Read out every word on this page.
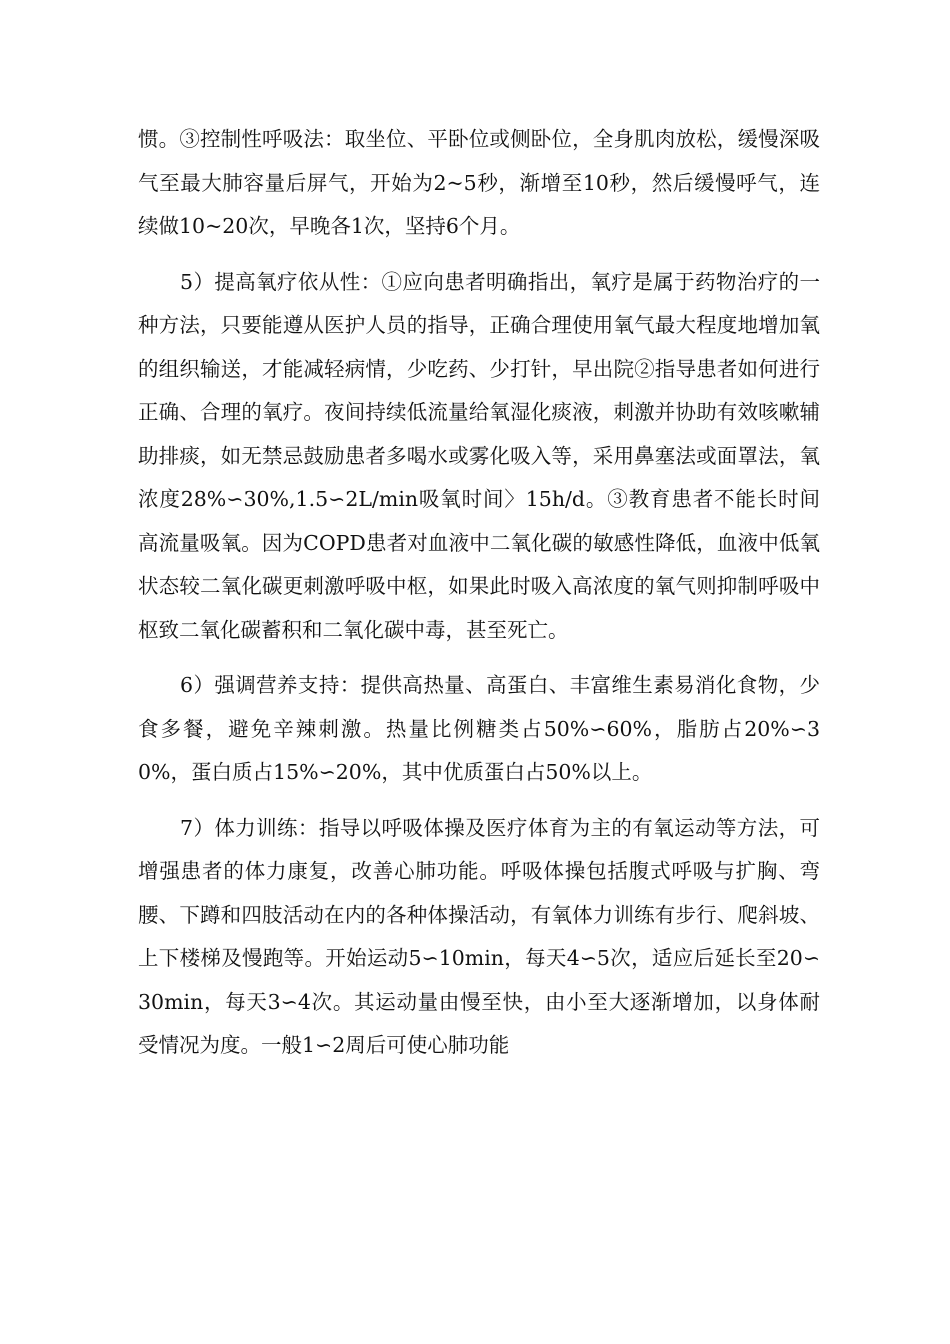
惯。③控制性呼吸法：取坐位、平卧位或侧卧位，全身肌肉放松，缓慢深吸气至最大肺容量后屏气，开始为2~5秒，渐增至10秒，然后缓慢呼气，连续做10~20次，早晚各1次，坚持6个月。

5）提高氧疗依从性：①应向患者明确指出，氧疗是属于药物治疗的一种方法，只要能遵从医护人员的指导，正确合理使用氧气最大程度地增加氧的组织输送，才能减轻病情，少吃药、少打针，早出院②指导患者如何进行正确、合理的氧疗。夜间持续低流量给氧湿化痰液，刺激并协助有效咳嗽辅助排痰，如无禁忌鼓励患者多喝水或雾化吸入等，采用鼻塞法或面罩法，氧浓度28%∽30%,1.5∽2L/min吸氧时间〉15h/d。③教育患者不能长时间高流量吸氧。因为COPD患者对血液中二氧化碳的敏感性降低，血液中低氧状态较二氧化碳更刺激呼吸中枢，如果此时吸入高浓度的氧气则抑制呼吸中枢致二氧化碳蓄积和二氧化碳中毒，甚至死亡。

6）强调营养支持：提供高热量、高蛋白、丰富维生素易消化食物，少食多餐，避免辛辣刺激。热量比例糖类占50%∽60%，脂肪占20%∽30%，蛋白质占15%∽20%，其中优质蛋白占50%以上。

7）体力训练：指导以呼吸体操及医疗体育为主的有氧运动等方法，可增强患者的体力康复，改善心肺功能。呼吸体操包括腹式呼吸与扩胸、弯腰、下蹲和四肢活动在内的各种体操活动，有氧体力训练有步行、爬斜坡、上下楼梯及慢跑等。开始运动5∽10min，每天4∽5次，适应后延长至20∽30min，每天3∽4次。其运动量由慢至快，由小至大逐渐增加，以身体耐受情况为度。一般1∽2周后可使心肺功能
